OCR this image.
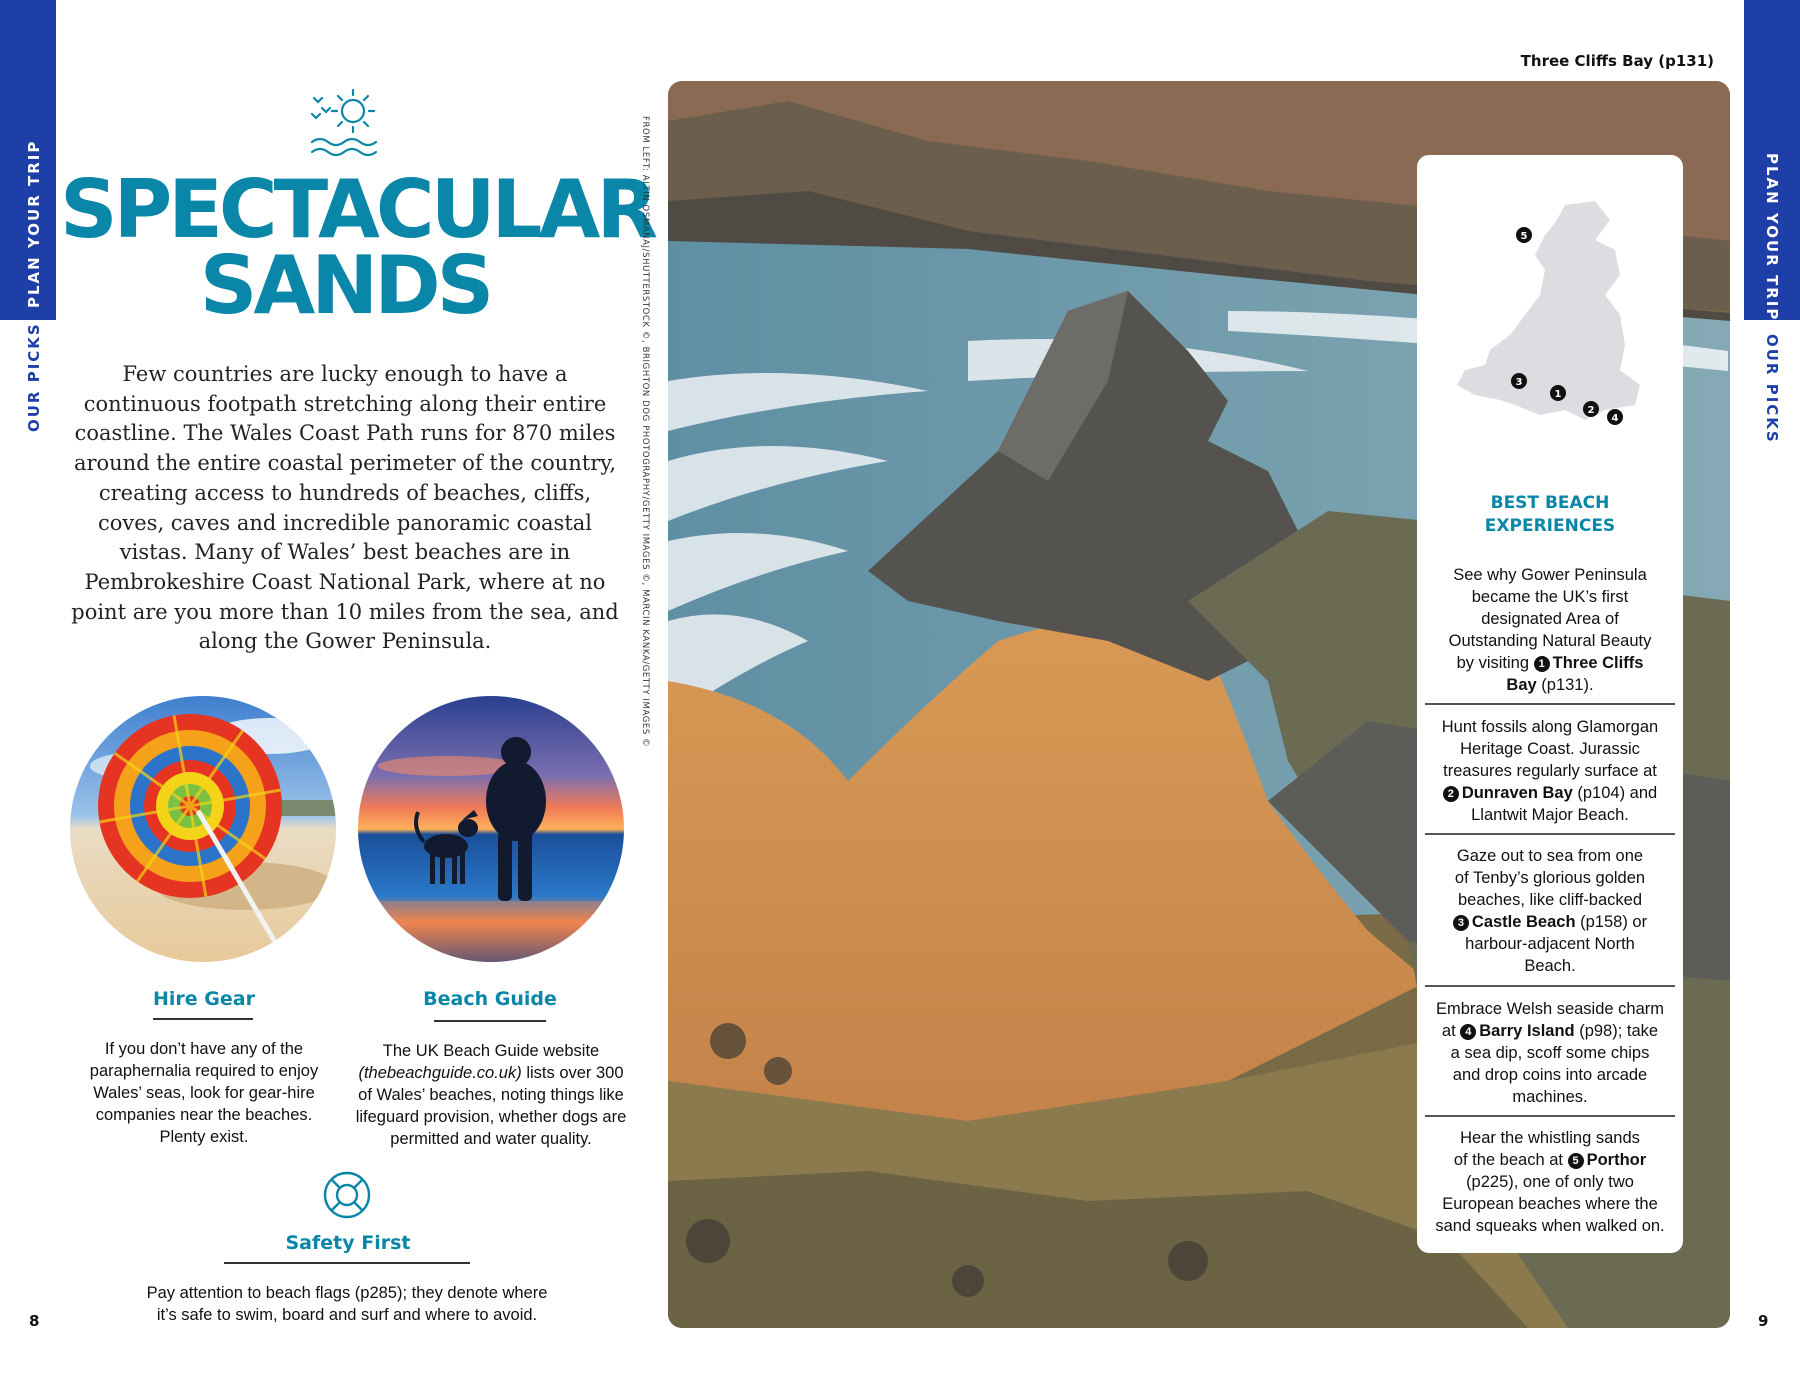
PLAN YOUR TRIP
OUR PICKS
SPECTACULAR
SANDS

Few countries are lucky enough to have a continuous footpath stretching along their entire coastline. The Wales Coast Path runs for 870 miles around the entire coastal perimeter of the country, creating access to hundreds of beaches, cliffs, coves, caves and incredible panoramic coastal vistas. Many of Wales’ best beaches are in Pembrokeshire Coast National Park, where at no point are you more than 10 miles from the sea, and along the Gower Peninsula.

Hire Gear
If you don’t have any of the paraphernalia required to enjoy Wales’ seas, look for gear-hire companies near the beaches. Plenty exist.
Beach Guide
The UK Beach Guide website (thebeachguide.co.uk) lists over 300 of Wales’ beaches, noting things like lifeguard provision, whether dogs are permitted and water quality.
Safety First
Pay attention to beach flags (p285); they denote where it’s safe to swim, board and surf and where to avoid.
8
FROM LEFT: ALTIN OSMANAJ/SHUTTERSTOCK ©, BRIGHTON DOG PHOTOGRAPHY/GETTY IMAGES ©, MARCIN KANKA/GETTY IMAGES ©
Three Cliffs Bay (p131)
5
3
1
2
4
BEST BEACH
EXPERIENCES
See why Gower Peninsula
became the UK’s first
designated Area of
Outstanding Natural Beauty
by visiting 1 Three Cliffs
Bay (p131).
Hunt fossils along Glamorgan
Heritage Coast. Jurassic
treasures regularly surface at
2 Dunraven Bay (p104) and
Llantwit Major Beach.
Gaze out to sea from one
of Tenby’s glorious golden
beaches, like cliff-backed
3 Castle Beach (p158) or
harbour-adjacent North
Beach.
Embrace Welsh seaside charm
at 4 Barry Island (p98); take
a sea dip, scoff some chips
and drop coins into arcade
machines.
Hear the whistling sands
of the beach at 5 Porthor
(p225), one of only two
European beaches where the
sand squeaks when walked on.
PLAN YOUR TRIP
OUR PICKS
9
